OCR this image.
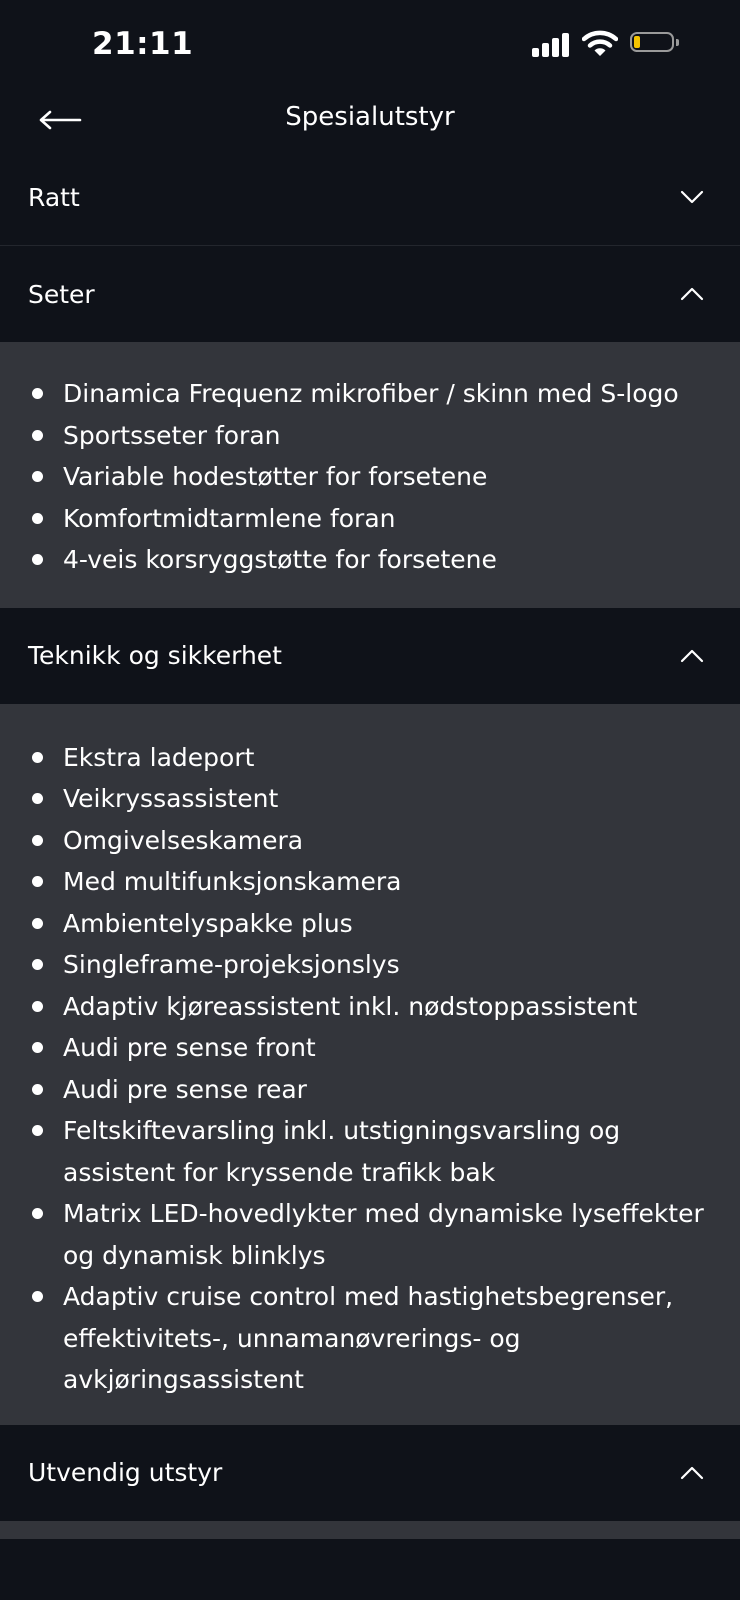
21:11
Spesialutstyr
Ratt
Seter
Dinamica Frequenz mikrofiber / skinn med S-logo
Sportsseter foran
Variable hodestøtter for forsetene
Komfortmidtarmlene foran
4-veis korsryggstøtte for forsetene
Teknikk og sikkerhet
Ekstra ladeport
Veikryssassistent
Omgivelseskamera
Med multifunksjonskamera
Ambientelyspakke plus
Singleframe-projeksjonslys
Adaptiv kjøreassistent inkl. nødstoppassistent
Audi pre sense front
Audi pre sense rear
Feltskiftevarsling inkl. utstigningsvarsling og assistent for kryssende trafikk bak
Matrix LED-hovedlykter med dynamiske lyseffekter og dynamisk blinklys
Adaptiv cruise control med hastighetsbegrenser, effektivitets-, unnamanøvrerings- og avkjøringsassistent
Utvendig utstyr
